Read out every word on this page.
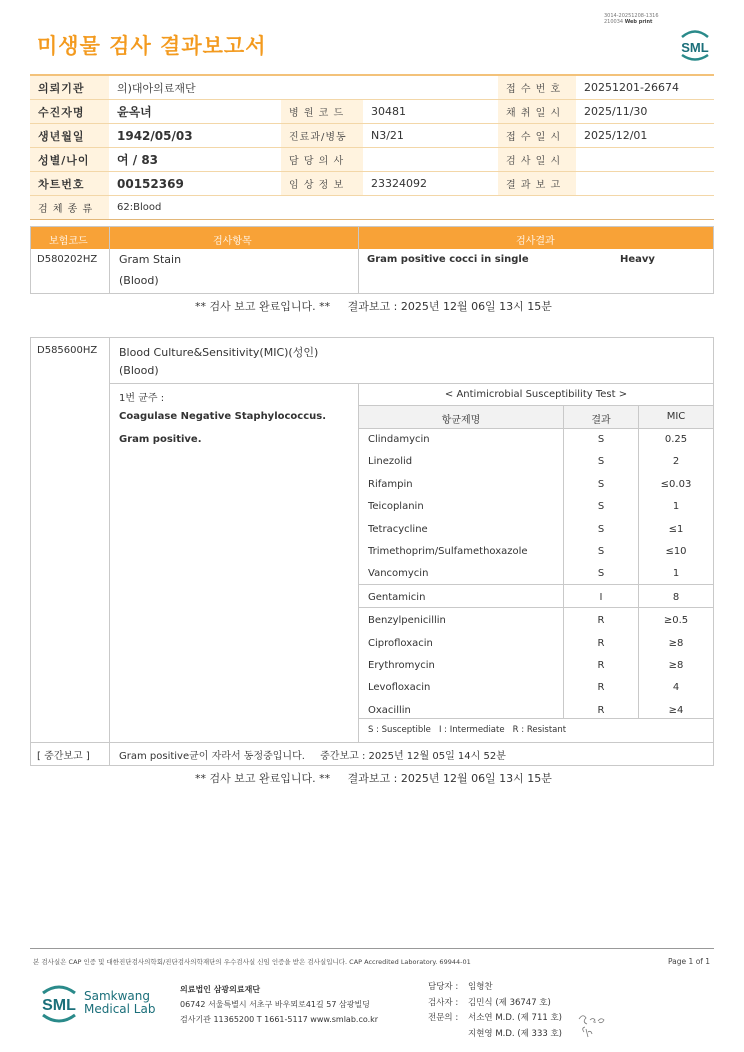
미생물 검사 결과보고서
3014-20251208-1316
210034 Web print
SML
의뢰기관	의)대아의료재단			접 수 번 호	20251201-26674
수진자명	윤옥녀	병 원 코 드	30481	채 취 일 시	2025/11/30
생년월일	1942/05/03	진료과/병동	N3/21	접 수 일 시	2025/12/01
성별/나이	여 / 83	담 당 의 사		검 사 일 시	
차트번호	00152369	임 상 정 보	23324092	결 과 보 고	
검 체 종 류	62:Blood				
보험코드	검사항목	검사결과
D580202HZ Gram Stain
(Blood)
Gram positive cocci in single	Heavy
** 검사 보고 완료입니다. ** 결과보고 : 2025년 12월 06일 13시 15분
D585600HZ Blood Culture&Sensitivity(MIC)(성인)
(Blood)
1번 균주 :
Coagulase Negative Staphylococcus.
Gram positive.
< Antimicrobial Susceptibility Test >
항균제명	결과	MIC
Clindamycin	S	0.25
Linezolid	S	2
Rifampin	S	≤0.03
Teicoplanin	S	1
Tetracycline	S	≤1
Trimethoprim/Sulfamethoxazole	S	≤10
Vancomycin	S	1
Gentamicin	I	8
Benzylpenicillin	R	≥0.5
Ciprofloxacin	R	≥8
Erythromycin	R	≥8
Levofloxacin	R	4
Oxacillin	R	≥4
S : Susceptible   I : Intermediate   R : Resistant
[ 중간보고 ]	Gram positive균이 자라서 동정중입니다. 중간보고 : 2025년 12월 05일 14시 52분
** 검사 보고 완료입니다. ** 결과보고 : 2025년 12월 06일 13시 15분
본 검사실은 CAP 인증 및 대한진단검사의학회/진단검사의학재단의 우수검사실 신임 인증을 받은 검사실입니다. CAP Accredited Laboratory. 69944-01	Page 1 of 1
SML
Samkwang
Medical Lab
의료법인 삼광의료재단
06742 서울특별시 서초구 바우뫼로41길 57 삼광빌딩
검사기관 11365200 T 1661-5117 www.smlab.co.kr
담당자 : 임형찬
검사자 : 김민식 (제 36747 호)
전문의 : 서소연 M.D. (제 711 호)
지현영 M.D. (제 333 호)
